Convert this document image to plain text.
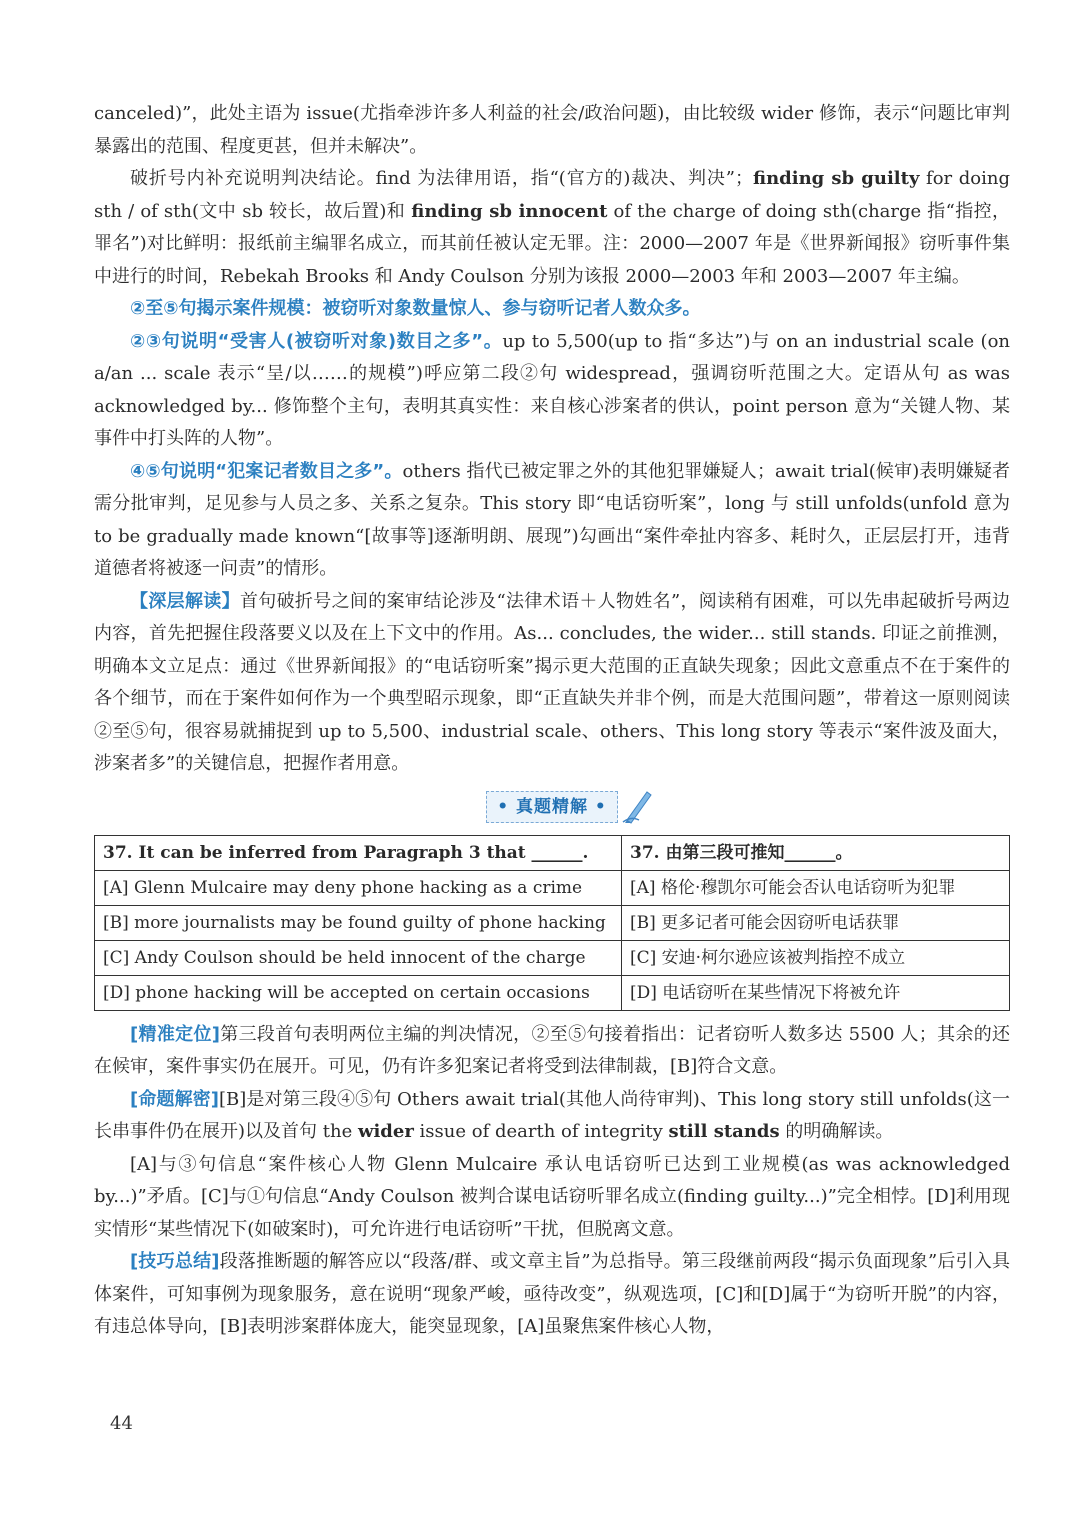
canceled)”，此处主语为 issue(尤指牵涉许多人利益的社会/政治问题)，由比较级 wider 修饰，表示“问题比审判暴露出的范围、程度更甚，但并未解决”。

破折号内补充说明判决结论。find 为法律用语，指“(官方的)裁决、判决”；finding sb guilty for doing sth / of sth(文中 sb 较长，故后置)和 finding sb innocent of the charge of doing sth(charge 指“指控，罪名”)对比鲜明：报纸前主编罪名成立，而其前任被认定无罪。注：2000—2007 年是《世界新闻报》窃听事件集中进行的时间，Rebekah Brooks 和 Andy Coulson 分别为该报 2000—2003 年和 2003—2007 年主编。

②至⑤句揭示案件规模：被窃听对象数量惊人、参与窃听记者人数众多。

②③句说明“受害人(被窃听对象)数目之多”。up to 5,500(up to 指“多达”)与 on an industrial scale (on a/an ... scale 表示“呈/以……的规模”)呼应第二段②句 widespread，强调窃听范围之大。定语从句 as was acknowledged by... 修饰整个主句，表明其真实性：来自核心涉案者的供认，point person 意为“关键人物、某事件中打头阵的人物”。

④⑤句说明“犯案记者数目之多”。others 指代已被定罪之外的其他犯罪嫌疑人；await trial(候审)表明嫌疑者需分批审判，足见参与人员之多、关系之复杂。This story 即“电话窃听案”，long 与 still unfolds(unfold 意为 to be gradually made known“[故事等]逐渐明朗、展现”)勾画出“案件牵扯内容多、耗时久，正层层打开，违背道德者将被逐一问责”的情形。

【深层解读】首句破折号之间的案审结论涉及“法律术语＋人物姓名”，阅读稍有困难，可以先串起破折号两边内容，首先把握住段落要义以及在上下文中的作用。As... concludes, the wider... still stands. 印证之前推测，明确本文立足点：通过《世界新闻报》的“电话窃听案”揭示更大范围的正直缺失现象；因此文意重点不在于案件的各个细节，而在于案件如何作为一个典型昭示现象，即“正直缺失并非个例，而是大范围问题”，带着这一原则阅读②至⑤句，很容易就捕捉到 up to 5,500、industrial scale、others、This long story 等表示“案件波及面大，涉案者多”的关键信息，把握作者用意。

• 真题精解 •
37. It can be inferred from Paragraph 3 that ______.	37. 由第三段可推知______。
[A] Glenn Mulcaire may deny phone hacking as a crime	[A] 格伦·穆凯尔可能会否认电话窃听为犯罪
[B] more journalists may be found guilty of phone hacking	[B] 更多记者可能会因窃听电话获罪
[C] Andy Coulson should be held innocent of the charge	[C] 安迪·柯尔逊应该被判指控不成立
[D] phone hacking will be accepted on certain occasions	[D] 电话窃听在某些情况下将被允许

[精准定位]第三段首句表明两位主编的判决情况，②至⑤句接着指出：记者窃听人数多达 5500 人；其余的还在候审，案件事实仍在展开。可见，仍有许多犯案记者将受到法律制裁，[B]符合文意。

[命题解密][B]是对第三段④⑤句 Others await trial(其他人尚待审判)、This long story still unfolds(这一长串事件仍在展开)以及首句 the wider issue of dearth of integrity still stands 的明确解读。

[A]与③句信息“案件核心人物 Glenn Mulcaire 承认电话窃听已达到工业规模(as was acknowledged by...)”矛盾。[C]与①句信息“Andy Coulson 被判合谋电话窃听罪名成立(finding guilty...)”完全相悖。[D]利用现实情形“某些情况下(如破案时)，可允许进行电话窃听”干扰，但脱离文意。

[技巧总结]段落推断题的解答应以“段落/群、或文章主旨”为总指导。第三段继前两段“揭示负面现象”后引入具体案件，可知事例为现象服务，意在说明“现象严峻，亟待改变”，纵观选项，[C]和[D]属于“为窃听开脱”的内容，有违总体导向，[B]表明涉案群体庞大，能突显现象，[A]虽聚焦案件核心人物，

44
